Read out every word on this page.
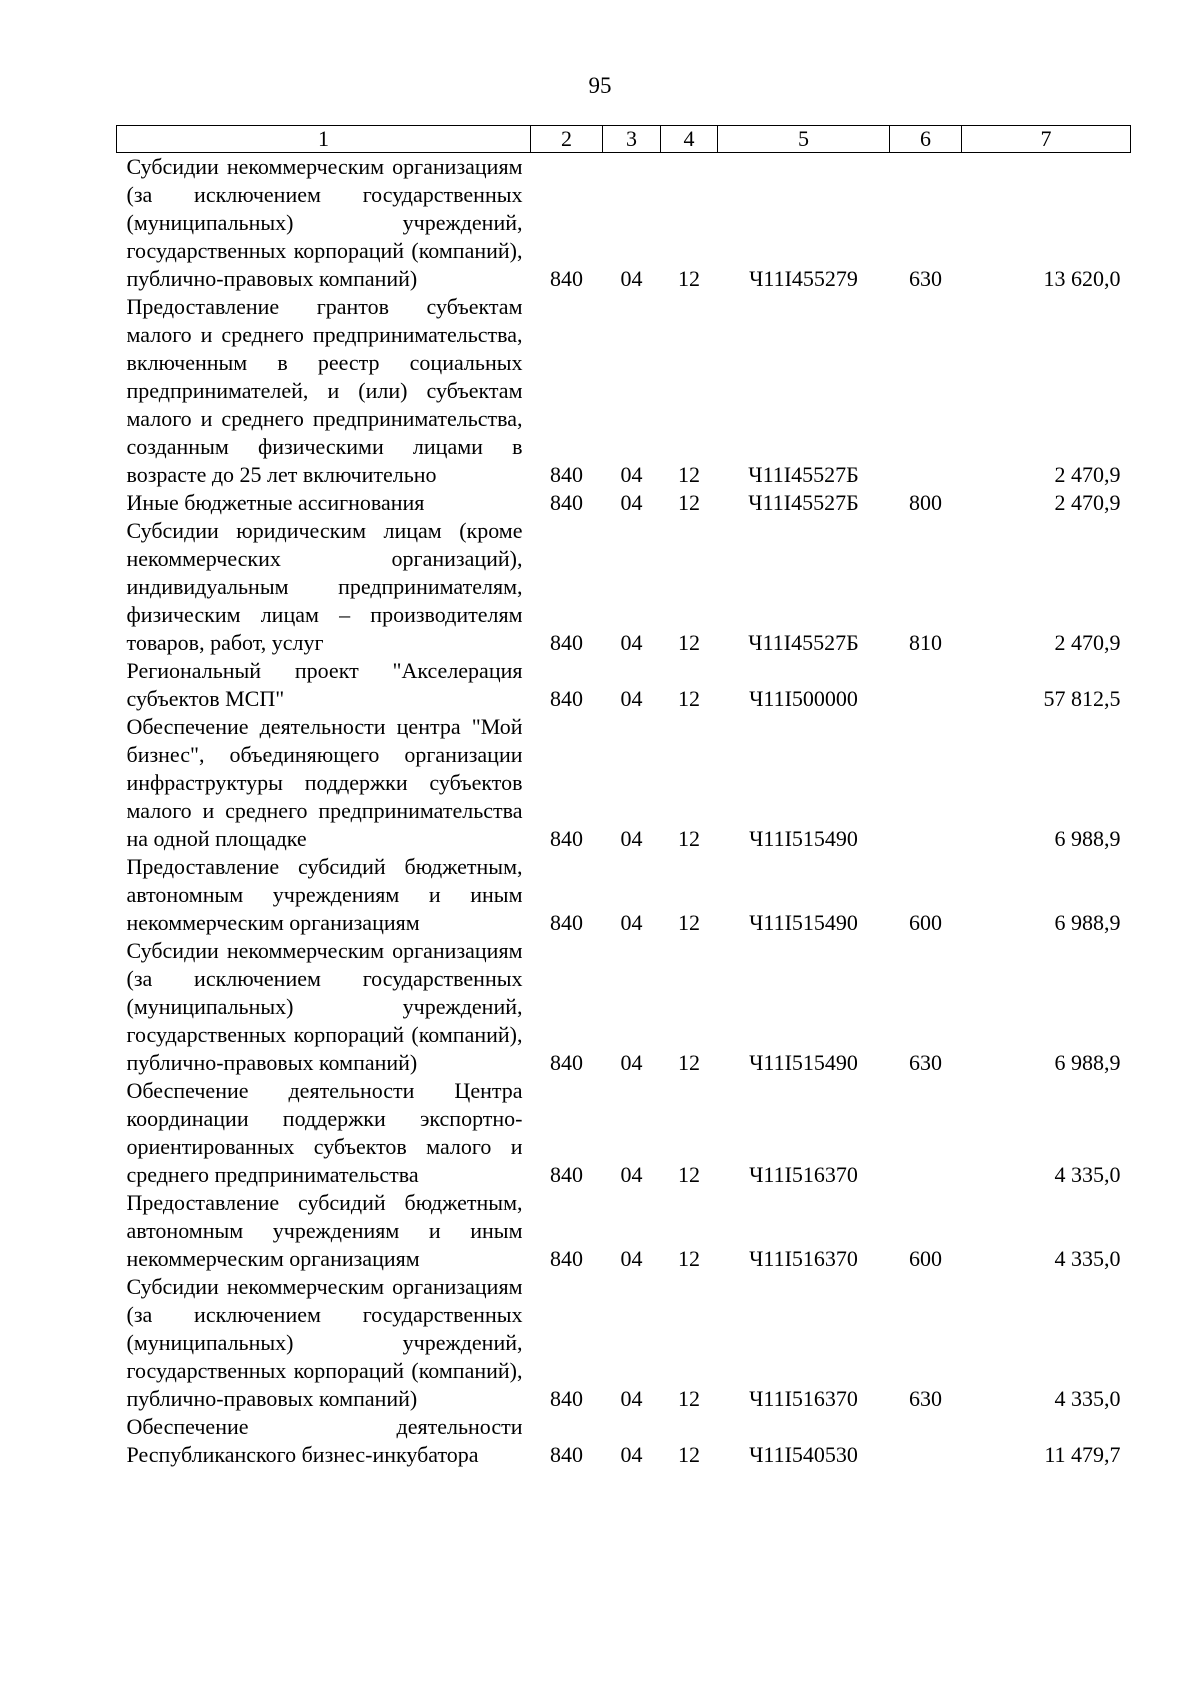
95
1	2	3	4	5	6	7
Субсидии некоммерческим организациям (за исключением государственных (муниципальных) учреждений, государственных корпораций (компаний), публично-правовых компаний)	840	04	12	Ч11I455279	630	13 620,0
Предоставление грантов субъектам малого и среднего предпринимательства, включенным в реестр социальных предпринимателей, и (или) субъектам малого и среднего предпринимательства, созданным физическими лицами в возрасте до 25 лет включительно	840	04	12	Ч11I45527Б		2 470,9
Иные бюджетные ассигнования	840	04	12	Ч11I45527Б	800	2 470,9
Субсидии юридическим лицам (кроме некоммерческих организаций), индивидуальным предпринимателям, физическим лицам – производителям товаров, работ, услуг	840	04	12	Ч11I45527Б	810	2 470,9
Региональный проект "Акселерация субъектов МСП"	840	04	12	Ч11I500000		57 812,5
Обеспечение деятельности центра "Мой бизнес", объединяющего организации инфраструктуры поддержки субъектов малого и среднего предпринимательства на одной площадке	840	04	12	Ч11I515490		6 988,9
Предоставление субсидий бюджетным, автономным учреждениям и иным некоммерческим организациям	840	04	12	Ч11I515490	600	6 988,9
Субсидии некоммерческим организациям (за исключением государственных (муниципальных) учреждений, государственных корпораций (компаний), публично-правовых компаний)	840	04	12	Ч11I515490	630	6 988,9
Обеспечение деятельности Центра координации поддержки экспортно-ориентированных субъектов малого и среднего предпринимательства	840	04	12	Ч11I516370		4 335,0
Предоставление субсидий бюджетным, автономным учреждениям и иным некоммерческим организациям	840	04	12	Ч11I516370	600	4 335,0
Субсидии некоммерческим организациям (за исключением государственных (муниципальных) учреждений, государственных корпораций (компаний), публично-правовых компаний)	840	04	12	Ч11I516370	630	4 335,0
Обеспечение деятельности Республиканского бизнес-инкубатора	840	04	12	Ч11I540530		11 479,7
